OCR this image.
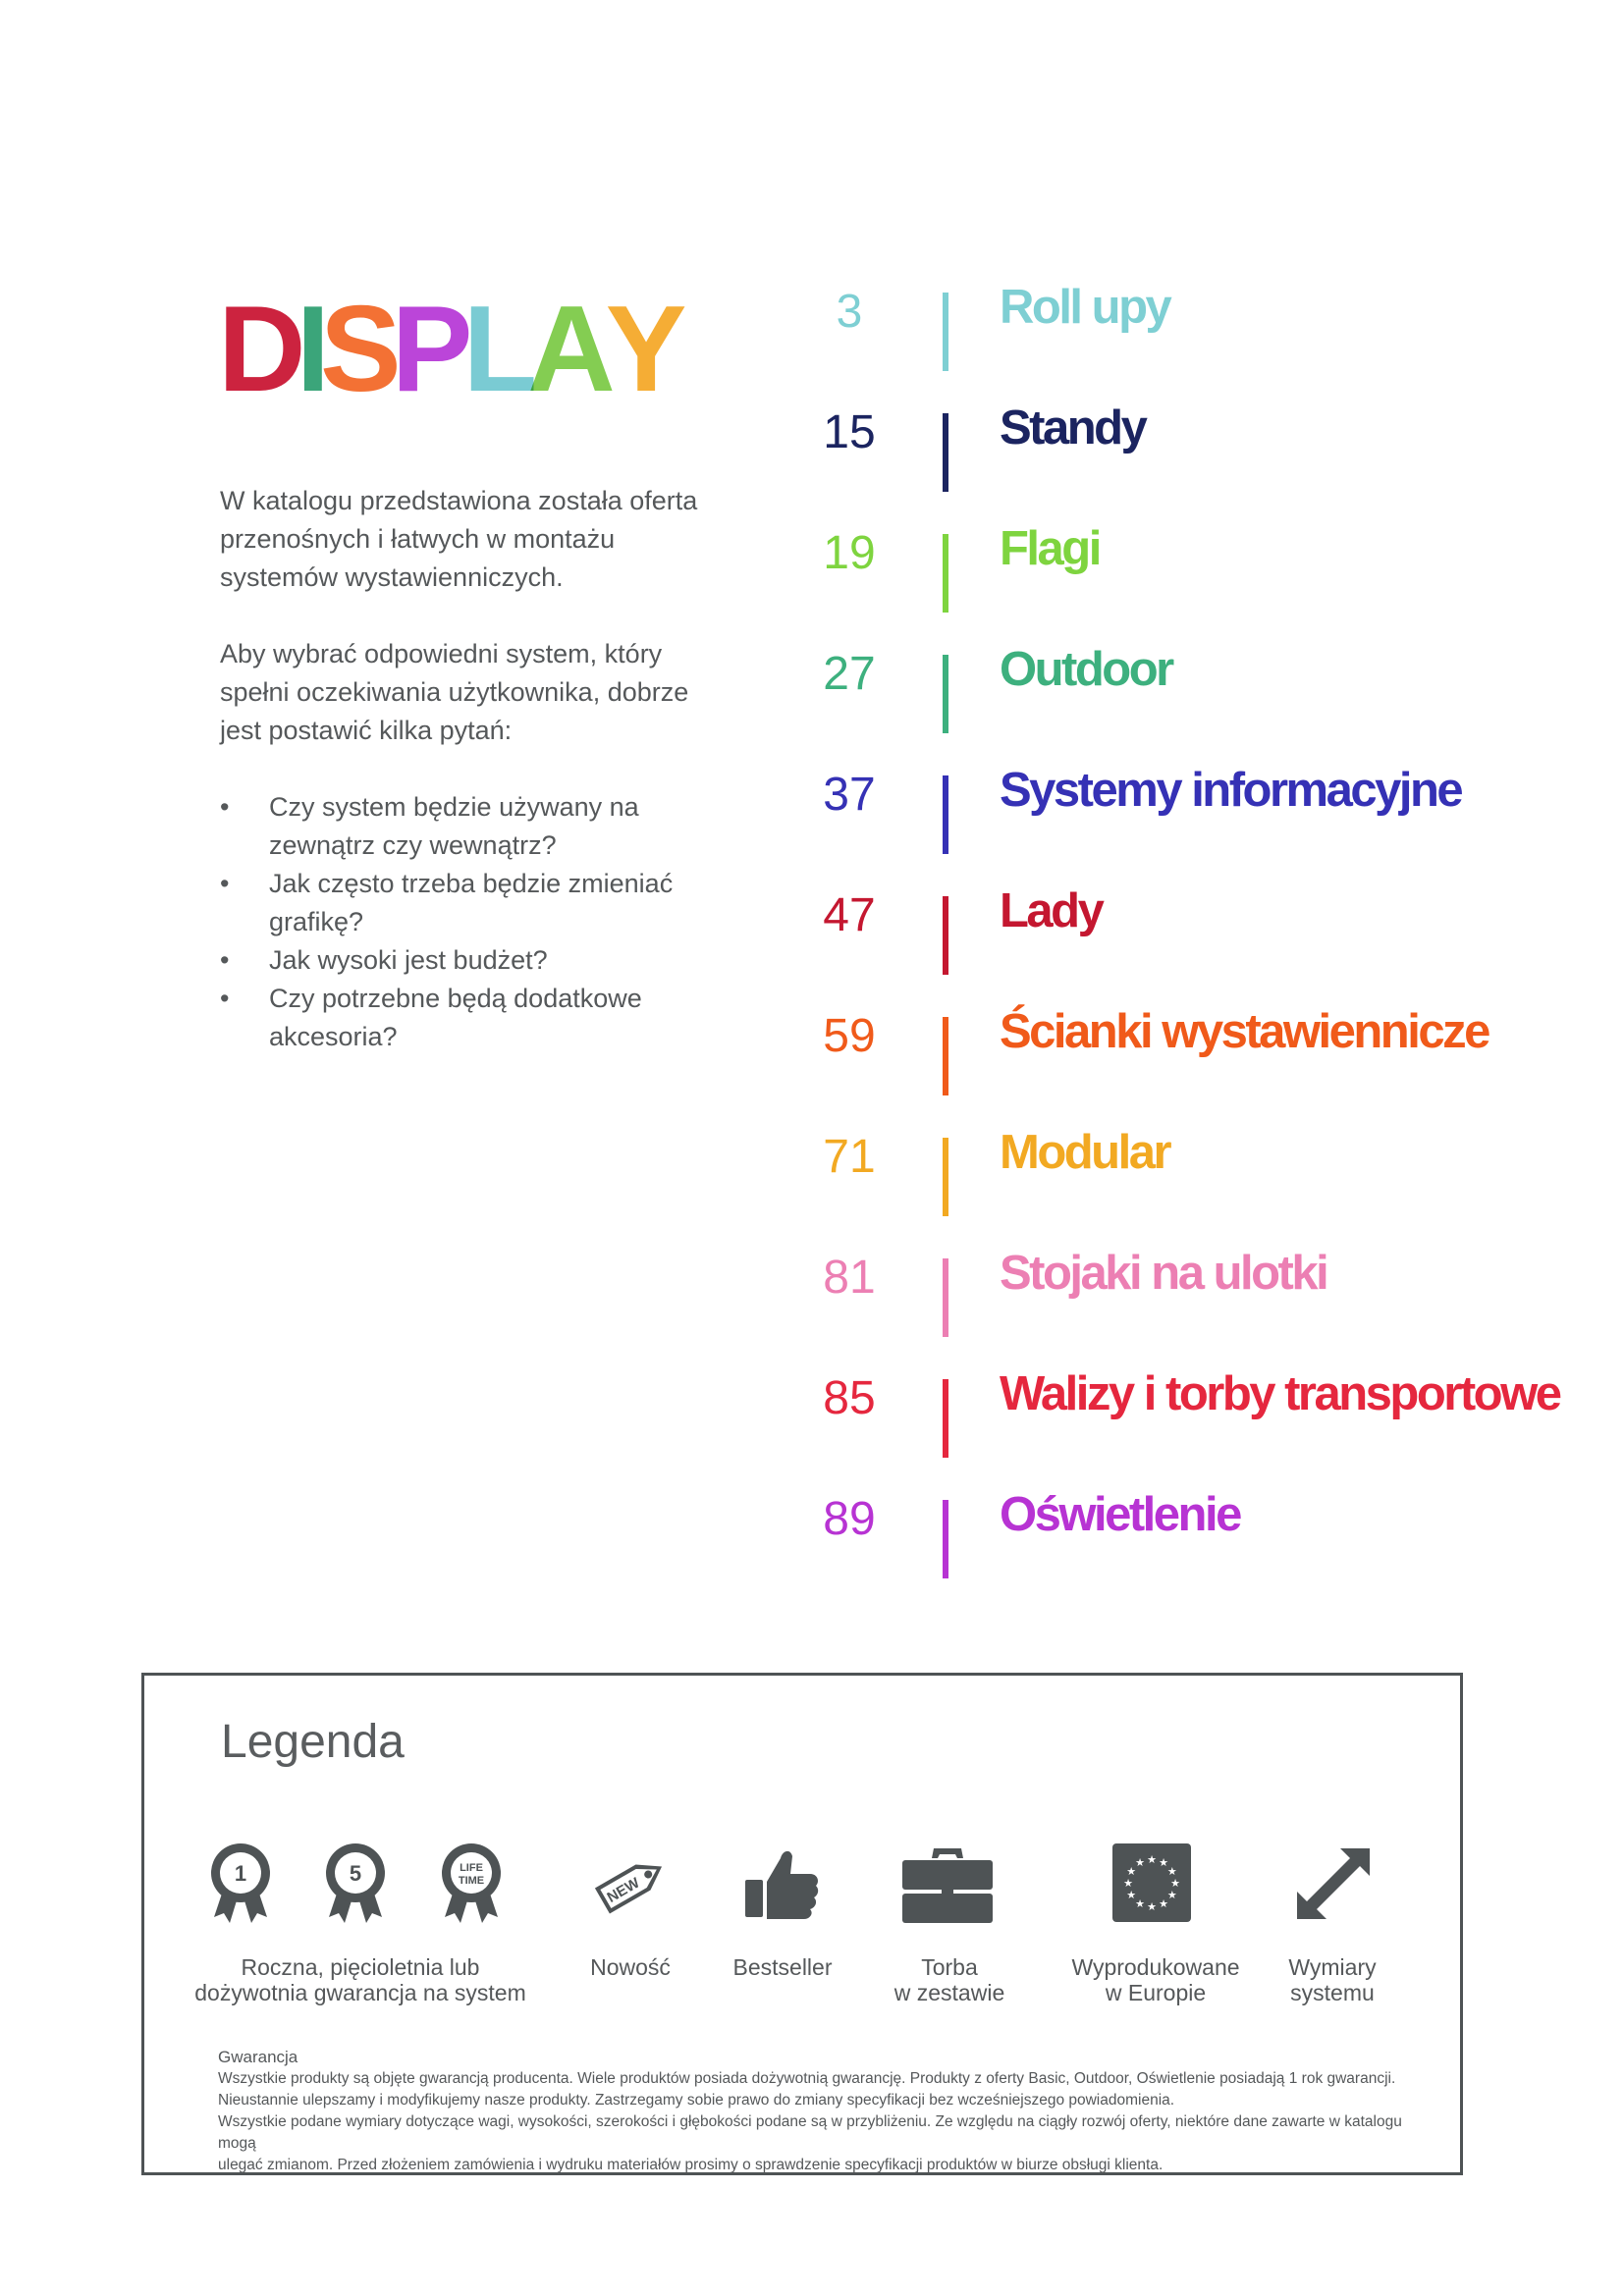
DISPLAY

W katalogu przedstawiona została oferta przenośnych i łatwych w montażu systemów wystawienniczych.

Aby wybrać odpowiedni system, który spełni oczekiwania użytkownika, dobrze jest postawić kilka pytań:

• Czy system będzie używany na zewnątrz czy wewnątrz?
• Jak często trzeba będzie zmieniać grafikę?
• Jak wysoki jest budżet?
• Czy potrzebne będą dodatkowe akcesoria?
3	Roll upy
15	Standy
19	Flagi
27	Outdoor
37	Systemy informacyjne
47	Lady
59	Ścianki wystawiennicze
71	Modular
81	Stojaki na ulotki
85	Walizy i torby transportowe
89	Oświetlenie
Legenda
1	5	LIFE
TIME	NEW	★
★
★
★
★
★
★
★
★ ★ ★
★
Roczna, pięcioletnia lub
dożywotnia gwarancja na system
Nowość	Bestseller	Torba
w zestawie
Wyprodukowane
w Europie
Wymiary
systemu
Gwarancja
Wszystkie produkty są objęte gwarancją producenta. Wiele produktów posiada dożywotnią gwarancję. Produkty z oferty Basic, Outdoor, Oświetlenie posiadają 1 rok gwarancji.
Nieustannie ulepszamy i modyfikujemy nasze produkty. Zastrzegamy sobie prawo do zmiany specyfikacji bez wcześniejszego powiadomienia.
Wszystkie podane wymiary dotyczące wagi, wysokości, szerokości i głębokości podane są w przybliżeniu. Ze względu na ciągły rozwój oferty, niektóre dane zawarte w katalogu mogą
ulegać zmianom. Przed złożeniem zamówienia i wydruku materiałów prosimy o sprawdzenie specyfikacji produktów w biurze obsługi klienta.
